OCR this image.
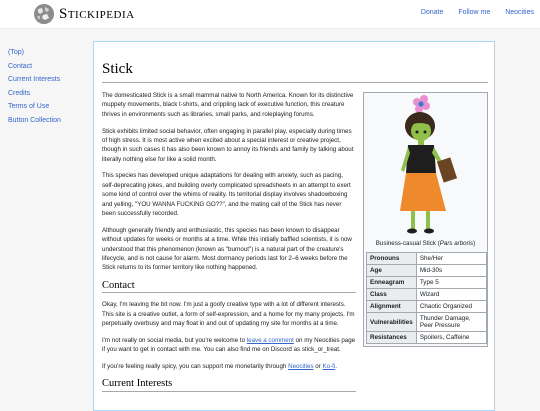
Stickipedia	Donate Follow me Neocities
(Top)
Contact
Current Interests
Credits
Terms of Use
Button Collection
Stick

The domesticated Stick is a small mammal native to North America. Known for its distinctive muppety movements, black t-shirts, and crippling lack of executive function, this creature thrives in environments such as libraries, small parks, and roleplaying forums.

Stick exhibits limited social behavior, often engaging in parallel play, especially during times of high stress. It is most active when excited about a special interest or creative project, though in such cases it has also been known to annoy its friends and family by talking about literally nothing else for like a solid month.

This species has developed unique adaptations for dealing with anxiety, such as pacing, self-deprecating jokes, and building overly complicated spreadsheets in an attempt to exert some kind of control over the whims of reality. Its territorial display involves shadowboxing and yelling, "YOU WANNA FUCKING GO??", and the mating call of the Stick has never been successfully recorded.

Although generally friendly and enthusiastic, this species has been known to disappear without updates for weeks or months at a time. While this initially baffled scientists, it is now understood that this phenomenon (known as "burnout") is a natural part of the creature's lifecycle, and is not cause for alarm. Most dormancy periods last for 2–6 weeks before the Stick returns to its former territory like nothing happened.

Contact

Okay, I'm leaving the bit now. I'm just a goofy creative type with a lot of different interests. This site is a creative outlet, a form of self-expression, and a home for my many projects. I'm perpetually overbusy and may float in and out of updating my site for months at a time.

I'm not really on social media, but you're welcome to leave a comment on my Neocities page if you want to get in contact with me. You can also find me on Discord as stick_or_treat.

If you're feeling really spicy, you can support me monetarily through Neocities or Ko-fi.

Current Interests
Business-casual Stick (Pars arboris)
Pronouns	She/Her
Age	Mid-30s
Enneagram	Type 5
Class	Wizard
Alignment	Chaotic Organized
Vulnerabilities	Thunder Damage, Peer Pressure
Resistances	Spoilers, Caffeine
